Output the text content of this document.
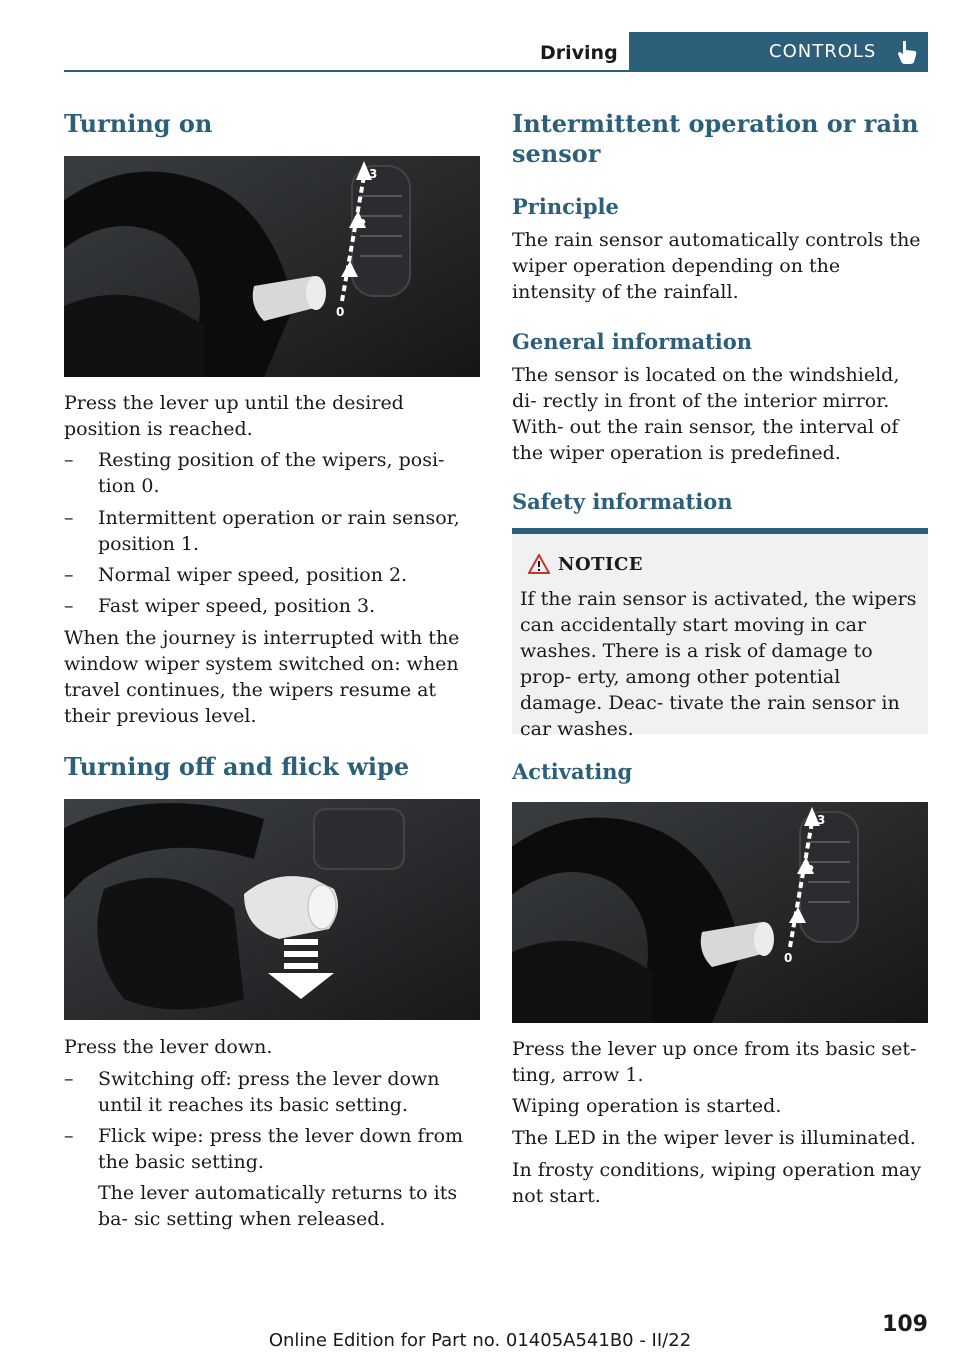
Driving	CONTROLS
Turning on
3
2
1
0

Press the lever up until the desired position is reached.

–	Resting position of the wipers, posi- tion 0.
–	Intermittent operation or rain sensor, position 1.
–	Normal wiper speed, position 2.
–	Fast wiper speed, position 3.

When the journey is interrupted with the window wiper system switched on: when travel continues, the wipers resume at their previous level.

Turning off and flick wipe

Press the lever down.

–	Switching off: press the lever down until it reaches its basic setting.
–	Flick wipe: press the lever down from the basic setting.

The lever automatically returns to its ba- sic setting when released.

Intermittent operation or rain sensor
Principle

The rain sensor automatically controls the wiper operation depending on the intensity of the rainfall.

General information

The sensor is located on the windshield, di- rectly in front of the interior mirror. With- out the rain sensor, the interval of the wiper operation is predefined.

Safety information
NOTICE

If the rain sensor is activated, the wipers can accidentally start moving in car washes. There is a risk of damage to prop- erty, among other potential damage. Deac- tivate the rain sensor in car washes.

Activating
3
2
1
0

Press the lever up once from its basic set- ting, arrow 1.

Wiping operation is started.

The LED in the wiper lever is illuminated.

In frosty conditions, wiping operation may not start.

109
Online Edition for Part no. 01405A541B0 - II/22
